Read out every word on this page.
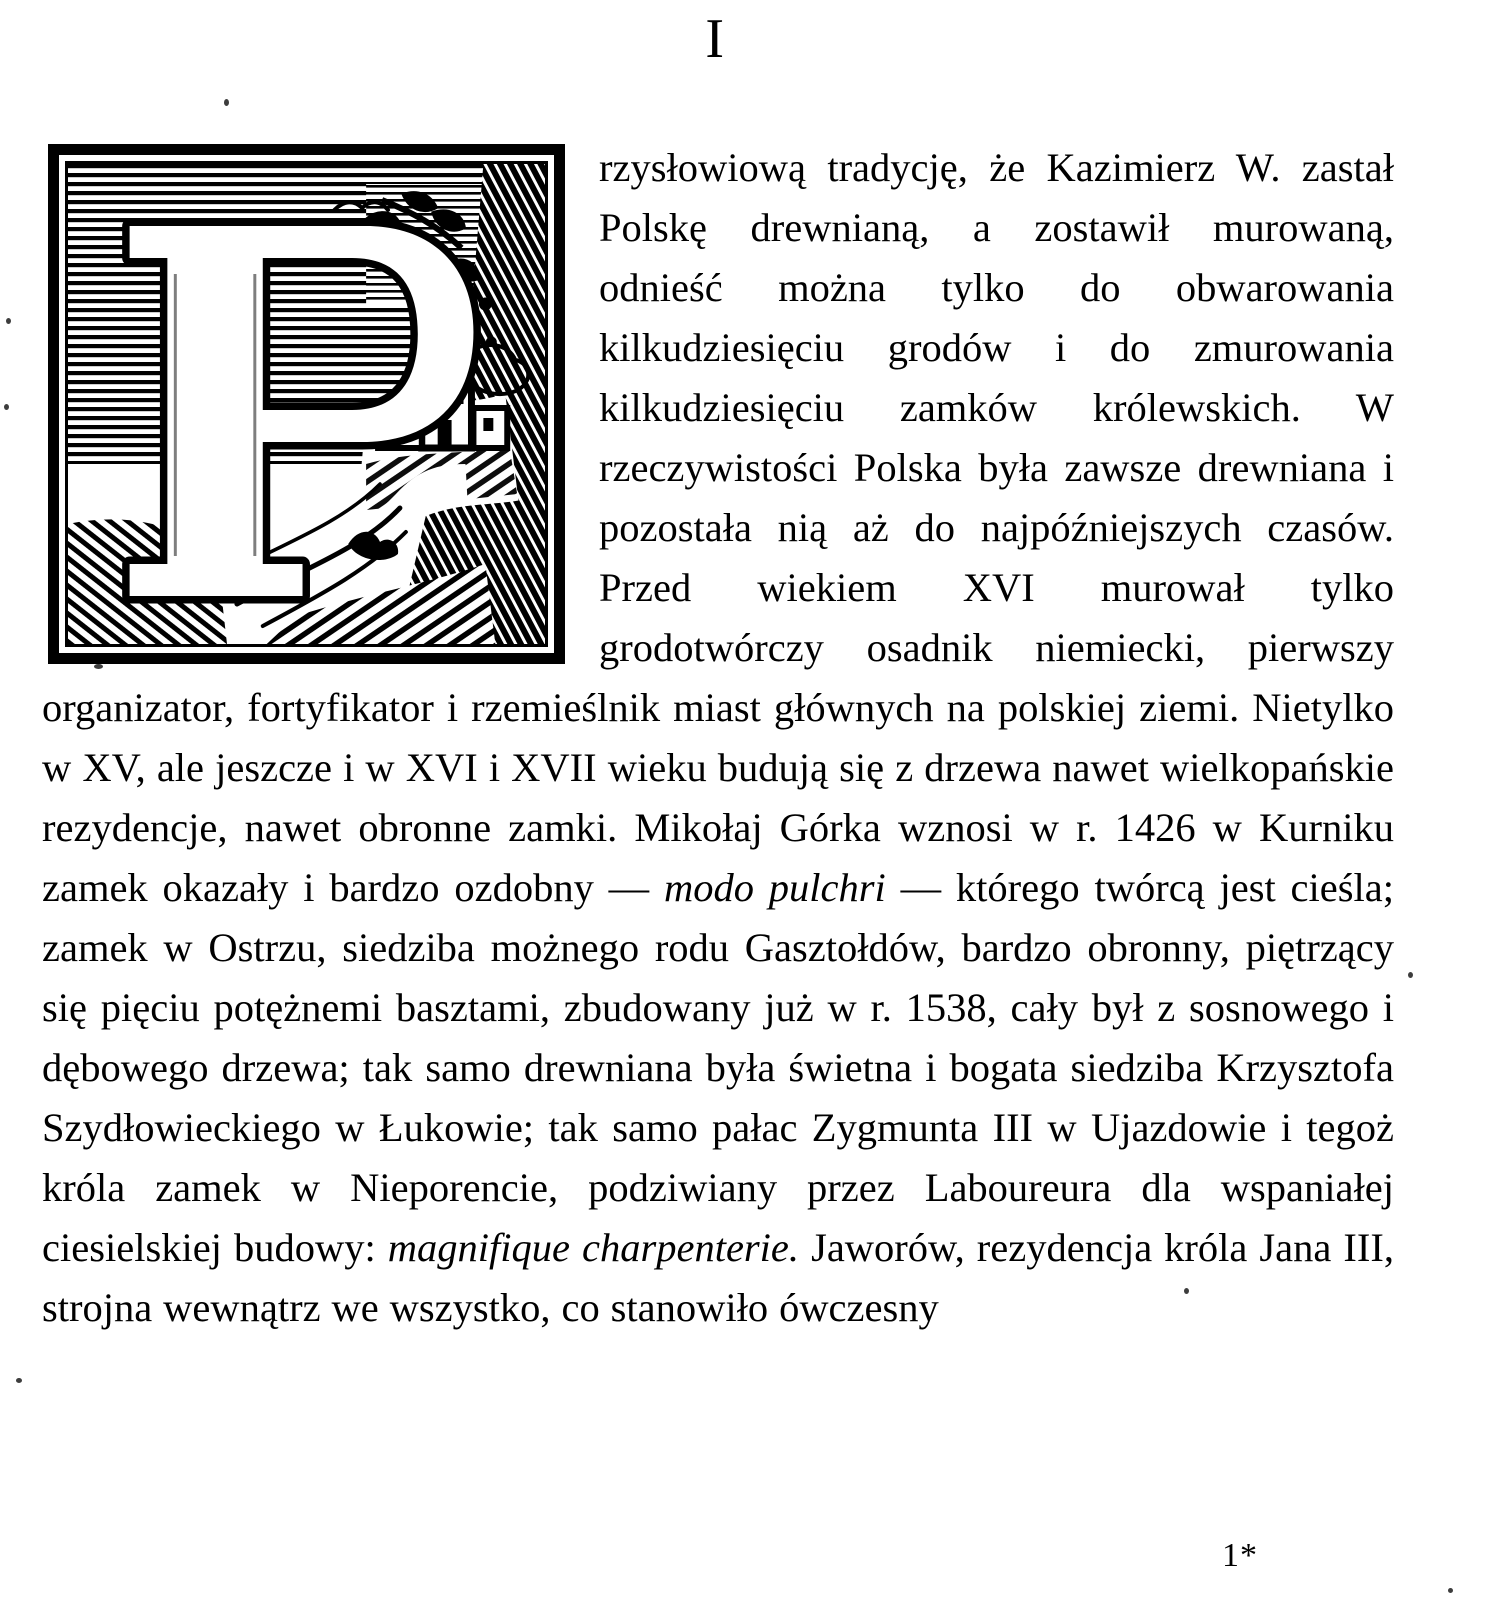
I

rzysłowiową tradycję, że Kazimierz W. zastał Polskę drewnianą, a zostawił murowaną, odnieść można tylko do obwarowania kilkudziesięciu grodów i do zmurowania kilkudziesięciu zamków królewskich. W rzeczywistości Polska była zawsze drewniana i pozostała nią aż do najpóźniejszych czasów. Przed wiekiem XVI murował tylko grodotwórczy osadnik niemiecki, pierwszy organizator, fortyfikator i rzemieślnik miast głównych na polskiej ziemi. Nietylko w XV, ale jeszcze i w XVI i XVII wieku budują się z drzewa nawet wielkopańskie rezydencje, nawet obronne zamki. Mikołaj Górka wznosi w r. 1426 w Kurniku zamek okazały i bardzo ozdobny — modo pulchri — którego twórcą jest cieśla; zamek w Ostrzu, siedziba możnego rodu Gasztołdów, bardzo obronny, piętrzący się pięciu potężnemi basztami, zbudowany już w r. 1538, cały był z sosnowego i dębowego drzewa; tak samo drewniana była świetna i bogata siedziba Krzysztofa Szydłowieckiego w Łukowie; tak samo pałac Zygmunta III w Ujazdowie i tegoż króla zamek w Nieporencie, podziwiany przez Laboureura dla wspaniałej ciesielskiej budowy: magnifique charpenterie. Jaworów, rezydencja króla Jana III, strojna wewnątrz we wszystko, co stanowiło ówczesny

1*
